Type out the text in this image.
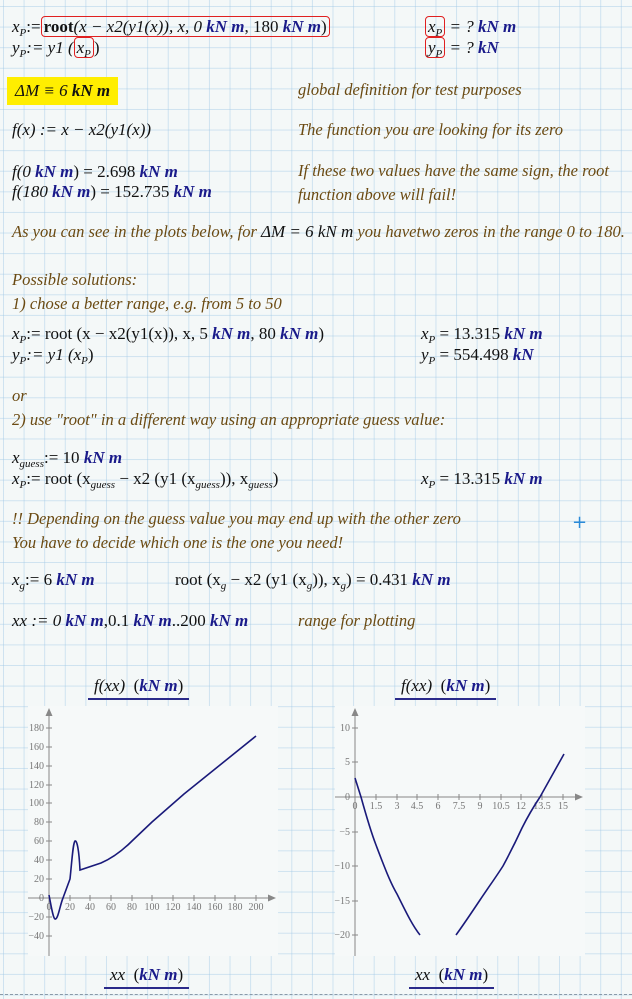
$x_P:=$ root(x − x2(y1(x)), x, 0 kN m, 180 kN m)	$x_P$ = ? kN m
$y_P:= y1$ ( $x_P$ )	$y_P$ = ? kN
ΔM ≡ 6 kN m	global definition for test purposes
f(x) := x − x2(y1(x))	The function you are looking for its zero
f(0 kN m) = 2.698 kN m
f(180 kN m) = 152.735 kN m
If these two values have the same sign, the root
function above will fail!
As you can see in the plots below, for ΔM = 6 kN m you havetwo zeros in the range 0 to 180.
Possible solutions:
1) chose a better range, e.g. from 5 to 50
$x_P:=$ root (x − x2(y1(x)), x, 5 kN m, 80 kN m)
$y_P:= y1$ $(x_P)$
$x_P = 13.315$ kN m
$y_P = 554.498$ kN
or
2) use "root" in a different way using an appropriate guess value:
$x_{guess}:= 10$ kN m
$x_P:=$ root ($x_{guess} - x2$ (y1 $(x_{guess})$), $x_{guess}$)	$x_P = 13.315$ kN m
!! Depending on the guess value you may end up with the other zero
You have to decide which one is the one you need!
+
$x_g:= 6$ kN m	root ($x_g - x2$ (y1 $(x_g)$), $x_g) = 0.431$ kN m
xx := 0 kN m,0.1 kN m..200 kN m	range for plotting
f(xx)  (kN m)	f(xx)  (kN m)
xx  (kN m)	xx  (kN m)
180
160
140
120
100
80
60
40
20
0
−20
−40
0 20 40 60 80 100 120 140 160 180 200
10
5
0
−5
−10
−15
−20
0 1.5 3 4.5 6 7.5 9 10.5 12 13.5 15
